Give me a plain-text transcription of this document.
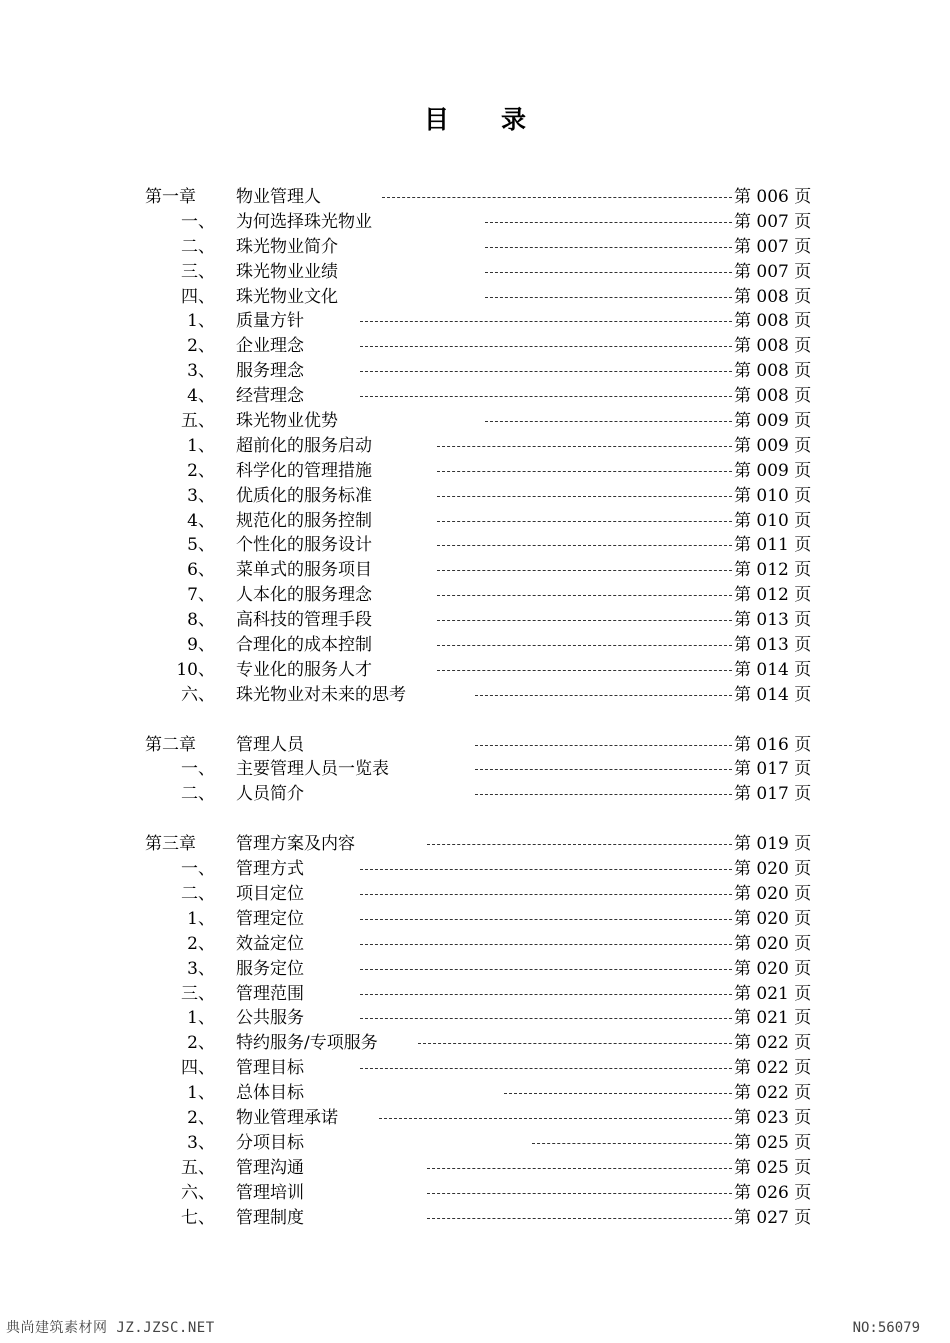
目 录
第一章 物业管理人	第 006 页
一、 为何选择珠光物业	第 007 页
二、 珠光物业简介	第 007 页
三、 珠光物业业绩	第 007 页
四、 珠光物业文化	第 008 页
1、 质量方针	第 008 页
2、 企业理念	第 008 页
3、 服务理念	第 008 页
4、 经营理念	第 008 页
五、 珠光物业优势	第 009 页
1、 超前化的服务启动	第 009 页
2、 科学化的管理措施	第 009 页
3、 优质化的服务标准	第 010 页
4、 规范化的服务控制	第 010 页
5、 个性化的服务设计	第 011 页
6、 菜单式的服务项目	第 012 页
7、 人本化的服务理念	第 012 页
8、 高科技的管理手段	第 013 页
9、 合理化的成本控制	第 013 页
10、 专业化的服务人才	第 014 页
六、 珠光物业对未来的思考	第 014 页
第二章 管理人员	第 016 页
一、 主要管理人员一览表	第 017 页
二、 人员简介	第 017 页
第三章 管理方案及内容	第 019 页
一、 管理方式	第 020 页
二、 项目定位	第 020 页
1、 管理定位	第 020 页
2、 效益定位	第 020 页
3、 服务定位	第 020 页
三、 管理范围	第 021 页
1、 公共服务	第 021 页
2、 特约服务/专项服务	第 022 页
四、 管理目标	第 022 页
1、 总体目标	第 022 页
2、 物业管理承诺	第 023 页
3、 分项目标	第 025 页
五、 管理沟通	第 025 页
六、 管理培训	第 026 页
七、 管理制度	第 027 页
典尚建筑素材网 JZ.JZSC.NET	NO:56079
